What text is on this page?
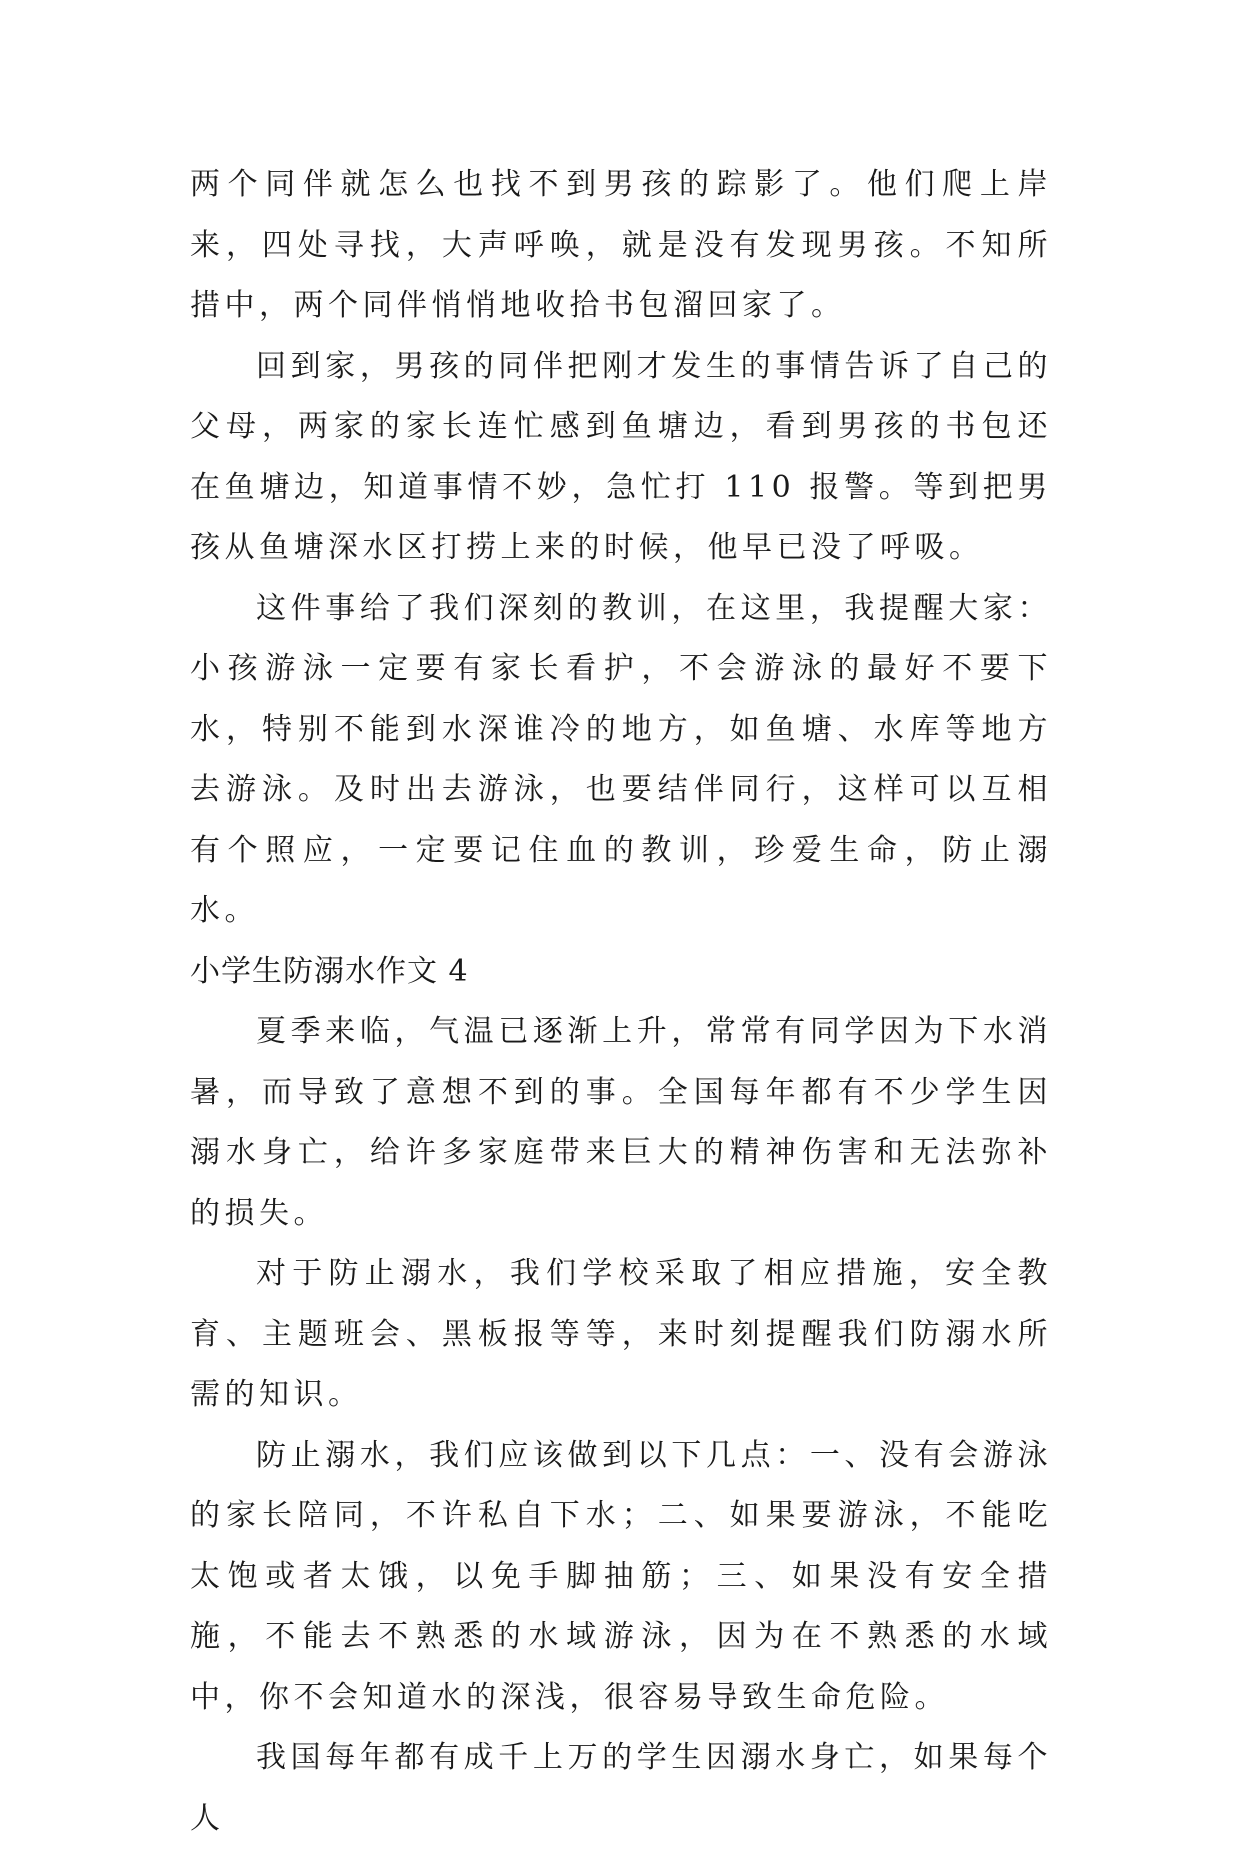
两个同伴就怎么也找不到男孩的踪影了。他们爬上岸来，四处寻找，大声呼唤，就是没有发现男孩。不知所措中，两个同伴悄悄地收拾书包溜回家了。

回到家，男孩的同伴把刚才发生的事情告诉了自己的父母，两家的家长连忙感到鱼塘边，看到男孩的书包还在鱼塘边，知道事情不妙，急忙打 110 报警。等到把男孩从鱼塘深水区打捞上来的时候，他早已没了呼吸。

这件事给了我们深刻的教训，在这里，我提醒大家：小孩游泳一定要有家长看护，不会游泳的最好不要下水，特别不能到水深谁冷的地方，如鱼塘、水库等地方去游泳。及时出去游泳，也要结伴同行，这样可以互相有个照应，一定要记住血的教训，珍爱生命，防止溺水。

小学生防溺水作文 4

夏季来临，气温已逐渐上升，常常有同学因为下水消暑，而导致了意想不到的事。全国每年都有不少学生因溺水身亡，给许多家庭带来巨大的精神伤害和无法弥补的损失。

对于防止溺水，我们学校采取了相应措施，安全教育、主题班会、黑板报等等，来时刻提醒我们防溺水所需的知识。

防止溺水，我们应该做到以下几点：一、没有会游泳的家长陪同，不许私自下水；二、如果要游泳，不能吃太饱或者太饿，以免手脚抽筋；三、如果没有安全措施，不能去不熟悉的水域游泳，因为在不熟悉的水域中，你不会知道水的深浅，很容易导致生命危险。

我国每年都有成千上万的学生因溺水身亡，如果每个人
